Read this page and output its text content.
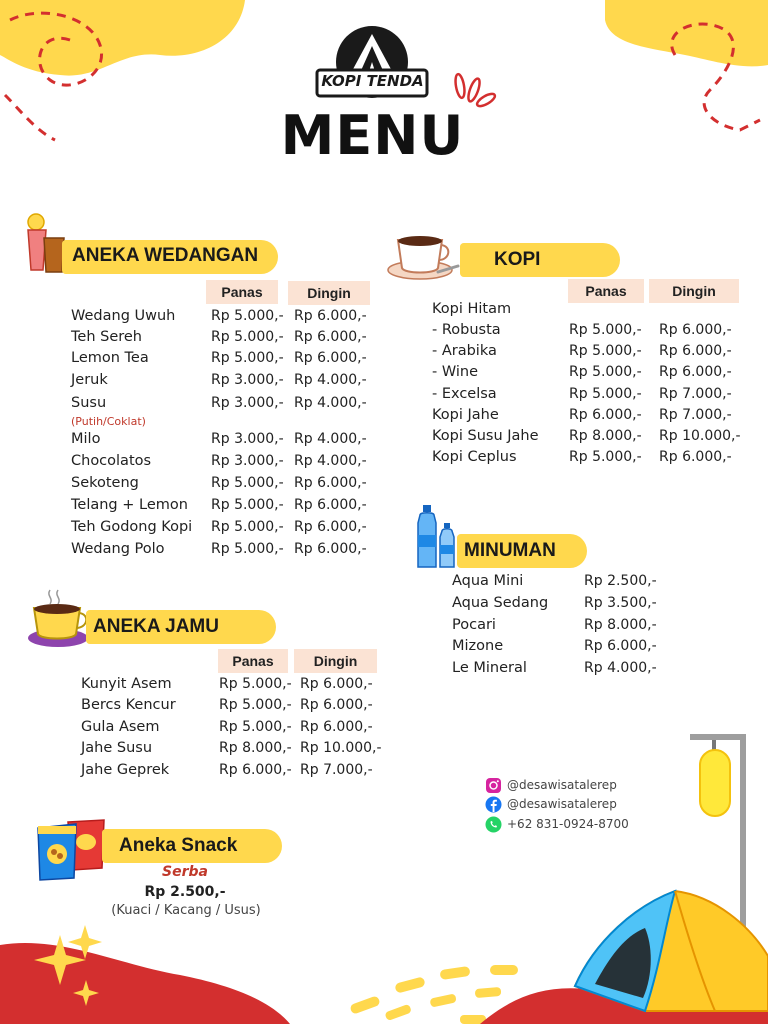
KOPI TENDA
MENU
ANEKA WEDANGAN
Panas	Dingin
Wedang Uwuh	Rp 5.000,- Rp 6.000,-
Teh Sereh	Rp 5.000,- Rp 6.000,-
Lemon Tea	Rp 5.000,- Rp 6.000,-
Jeruk	Rp 3.000,- Rp 4.000,-
Susu	Rp 3.000,- Rp 4.000,-
Milo	Rp 3.000,- Rp 4.000,-
Chocolatos	Rp 3.000,- Rp 4.000,-
Sekoteng	Rp 5.000,- Rp 6.000,-
Telang + Lemon Rp 5.000,- Rp 6.000,-
Teh Godong Kopi Rp 5.000,- Rp 6.000,-
Wedang Polo	Rp 5.000,- Rp 6.000,-
(Putih/Coklat)
KOPI
Panas	Dingin
Kopi Hitam
- Robusta	Rp 5.000,- Rp 6.000,-
- Arabika	Rp 5.000,- Rp 6.000,-
- Wine	Rp 5.000,- Rp 6.000,-
- Excelsa	Rp 5.000,- Rp 7.000,-
Kopi Jahe	Rp 6.000,- Rp 7.000,-
Kopi Susu Jahe Rp 8.000,- Rp 10.000,-
Kopi Ceplus	Rp 5.000,- Rp 6.000,-
MINUMAN
Aqua Mini	Rp 2.500,-
Aqua Sedang	Rp 3.500,-
Pocari	Rp 8.000,-
Mizone	Rp 6.000,-
Le Mineral	Rp 4.000,-
ANEKA JAMU
Panas	Dingin
Kunyit Asem	Rp 5.000,- Rp 6.000,-
Bercs Kencur	Rp 5.000,- Rp 6.000,-
Gula Asem	Rp 5.000,- Rp 6.000,-
Jahe Susu	Rp 8.000,- Rp 10.000,-
Jahe Geprek	Rp 6.000,- Rp 7.000,-
@desawisatalerep
@desawisatalerep
+62 831-0924-8700
Aneka Snack
Serba
Rp 2.500,-
(Kuaci / Kacang / Usus)
